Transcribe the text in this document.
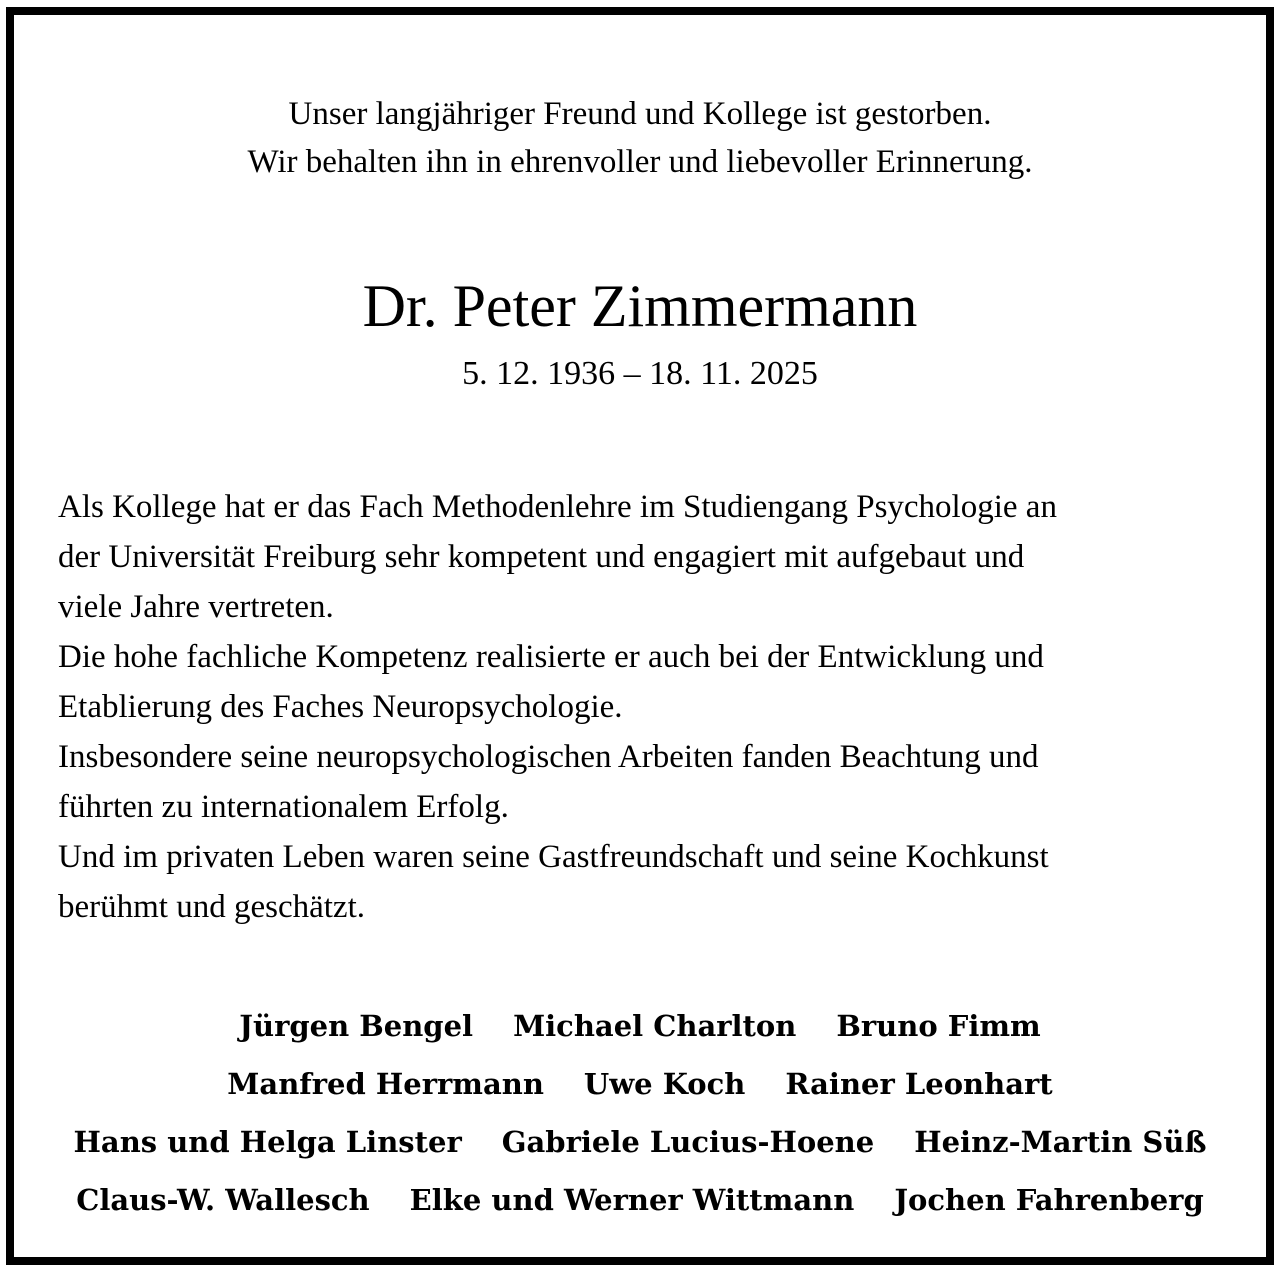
Unser langjähriger Freund und Kollege ist gestorben.
Wir behalten ihn in ehrenvoller und liebevoller Erinnerung.
Dr. Peter Zimmermann
5. 12. 1936 – 18. 11. 2025
Als Kollege hat er das Fach Methodenlehre im Studiengang Psychologie an
der Universität Freiburg sehr kompetent und engagiert mit aufgebaut und
viele Jahre vertreten.
Die hohe fachliche Kompetenz realisierte er auch bei der Entwicklung und
Etablierung des Faches Neuropsychologie.
Insbesondere seine neuropsychologischen Arbeiten fanden Beachtung und
führten zu internationalem Erfolg.
Und im privaten Leben waren seine Gastfreundschaft und seine Kochkunst
berühmt und geschätzt.
Jürgen Bengel Michael Charlton Bruno Fimm
Manfred Herrmann Uwe Koch Rainer Leonhart
Hans und Helga Linster Gabriele Lucius-Hoene Heinz-Martin Süß
Claus-W. Wallesch Elke und Werner Wittmann Jochen Fahrenberg
